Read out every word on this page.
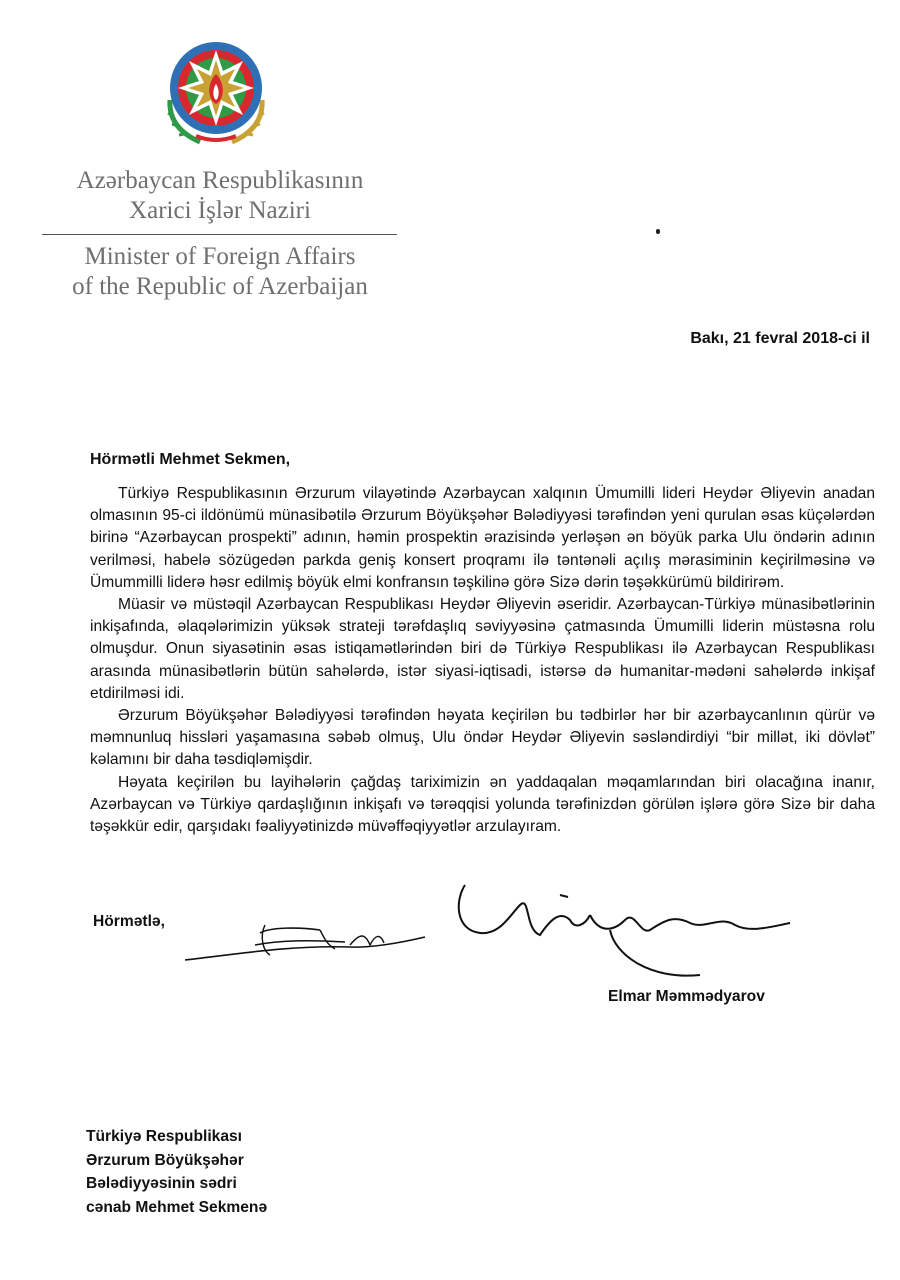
Azərbaycan Respublikasının
Xarici İşlər Naziri
Minister of Foreign Affairs
of the Republic of Azerbaijan
Bakı, 21 fevral 2018-ci il
Hörmətli Mehmet Sekmen,

Türkiyə Respublikasının Ərzurum vilayətində Azərbaycan xalqının Ümumilli lideri Heydər Əliyevin anadan olmasının 95-ci ildönümü münasibətilə Ərzurum Böyükşəhər Bələdiyyəsi tərəfindən yeni qurulan əsas küçələrdən birinə “Azərbaycan prospekti” adının, həmin prospektin ərazisində yerləşən ən böyük parka Ulu öndərin adının verilməsi, habelə sözügedən parkda geniş konsert proqramı ilə təntənəli açılış mərasiminin keçirilməsinə və Ümummilli liderə həsr edilmiş böyük elmi konfransın təşkilinə görə Sizə dərin təşəkkürümü bildirirəm.

Müasir və müstəqil Azərbaycan Respublikası Heydər Əliyevin əseridir. Azərbaycan-Türkiyə münasibətlərinin inkişafında, əlaqələrimizin yüksək strateji tərəfdaşlıq səviyyəsinə çatmasında Ümumilli liderin müstəsna rolu olmuşdur. Onun siyasətinin əsas istiqamətlərindən biri də Türkiyə Respublikası ilə Azərbaycan Respublikası arasında münasibətlərin bütün sahələrdə, istər siyasi-iqtisadi, istərsə də humanitar-mədəni sahələrdə inkişaf etdirilməsi idi.

Ərzurum Böyükşəhər Bələdiyyəsi tərəfindən həyata keçirilən bu tədbirlər hər bir azərbaycanlının qürür və məmnunluq hissləri yaşamasına səbəb olmuş, Ulu öndər Heydər Əliyevin səsləndirdiyi “bir millət, iki dövlət” kəlamını bir daha təsdiqləmişdir.

Həyata keçirilən bu layihələrin çağdaş tariximizin ən yaddaqalan məqamlarından biri olacağına inanır, Azərbaycan və Türkiyə qardaşlığının inkişafı və tərəqqisi yolunda tərəfinizdən görülən işlərə görə Sizə bir daha təşəkkür edir, qarşıdakı fəaliyyətinizdə müvəffəqiyyətlər arzulayıram.

Hörmətlə,
Elmar Məmmədyarov
Türkiyə Respublikası
Ərzurum Böyükşəhər
Bələdiyyəsinin sədri
cənab Mehmet Sekmenə
